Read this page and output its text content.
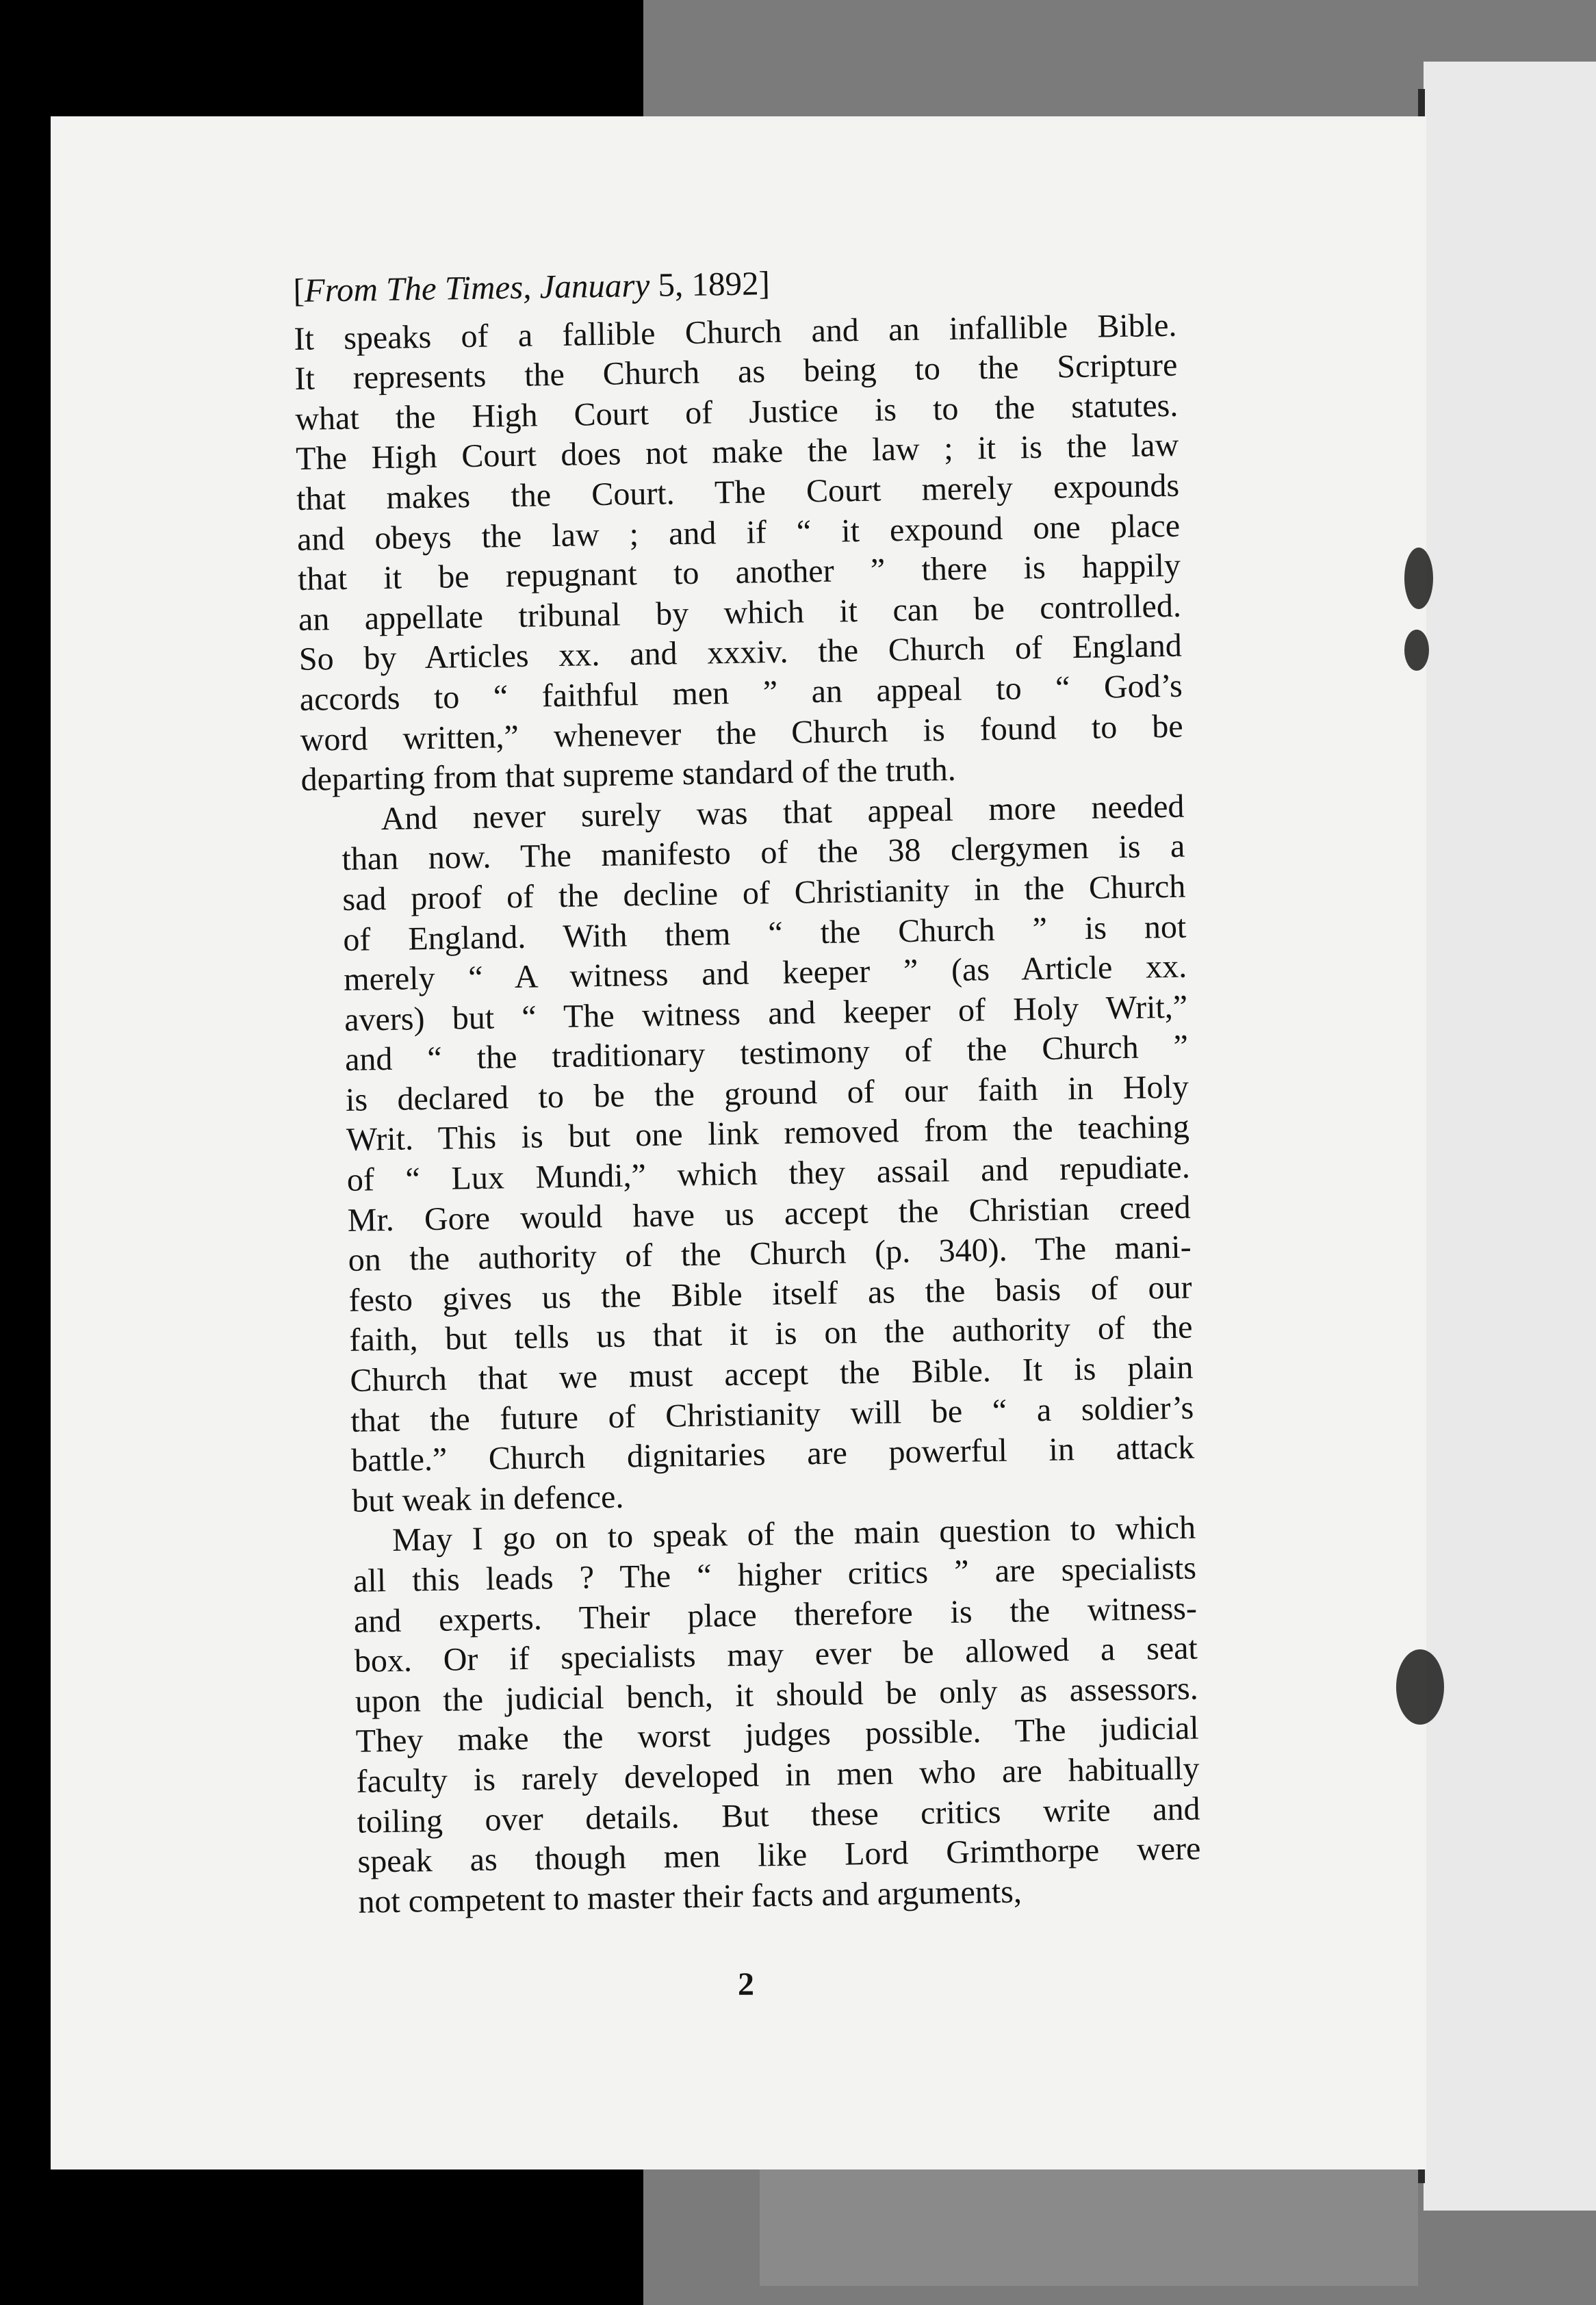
[From The Times, January 5, 1892]
It speaks of a fallible Church and an infallible Bible.
It represents the Church as being to the Scripture
what the High Court of Justice is to the statutes.
The High Court does not make the law ; it is the law
that makes the Court. The Court merely expounds
and obeys the law ; and if “ it expound one place
that it be repugnant to another ” there is happily
an appellate tribunal by which it can be controlled.
So by Articles xx. and xxxiv. the Church of England
accords to “ faithful men ” an appeal to “ God’s
word written,” whenever the Church is found to be
departing from that supreme standard of the truth.
And never surely was that appeal more needed
than now. The manifesto of the 38 clergymen is a
sad proof of the decline of Christianity in the Church
of England. With them “ the Church ” is not
merely “ A witness and keeper ” (as Article xx.
avers) but “ The witness and keeper of Holy Writ,”
and “ the traditionary testimony of the Church ”
is declared to be the ground of our faith in Holy
Writ. This is but one link removed from the teaching
of “ Lux Mundi,” which they assail and repudiate.
Mr. Gore would have us accept the Christian creed
on the authority of the Church (p. 340). The mani-
festo gives us the Bible itself as the basis of our
faith, but tells us that it is on the authority of the
Church that we must accept the Bible. It is plain
that the future of Christianity will be “ a soldier’s
battle.” Church dignitaries are powerful in attack
but weak in defence.
May I go on to speak of the main question to which
all this leads ? The “ higher critics ” are specialists
and experts. Their place therefore is the witness-
box. Or if specialists may ever be allowed a seat
upon the judicial bench, it should be only as assessors.
They make the worst judges possible. The judicial
faculty is rarely developed in men who are habitually
toiling over details. But these critics write and
speak as though men like Lord Grimthorpe were
not competent to master their facts and arguments,
2
